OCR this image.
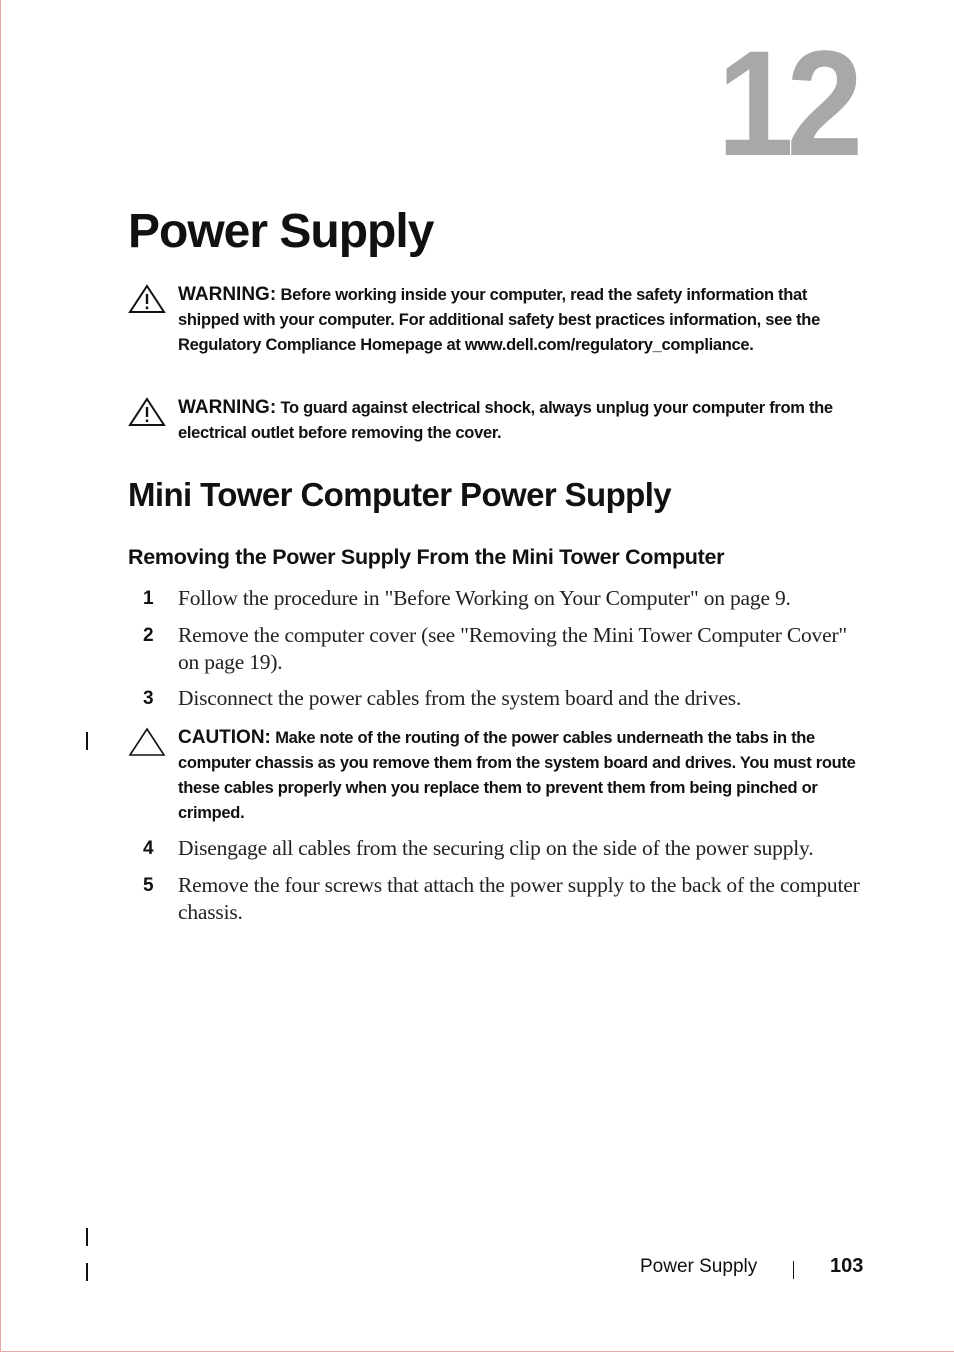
12
Power Supply
WARNING: Before working inside your computer, read the safety information that shipped with your computer. For additional safety best practices information, see the Regulatory Compliance Homepage at www.dell.com/regulatory_compliance.
WARNING: To guard against electrical shock, always unplug your computer from the electrical outlet before removing the cover.
Mini Tower Computer Power Supply
Removing the Power Supply From the Mini Tower Computer
1 Follow the procedure in "Before Working on Your Computer" on page 9.
2 Remove the computer cover (see "Removing the Mini Tower Computer Cover" on page 19).
3 Disconnect the power cables from the system board and the drives.
CAUTION: Make note of the routing of the power cables underneath the tabs in the computer chassis as you remove them from the system board and drives. You must route these cables properly when you replace them to prevent them from being pinched or crimped.
4 Disengage all cables from the securing clip on the side of the power supply.
5 Remove the four screws that attach the power supply to the back of the computer chassis.
Power Supply	103
